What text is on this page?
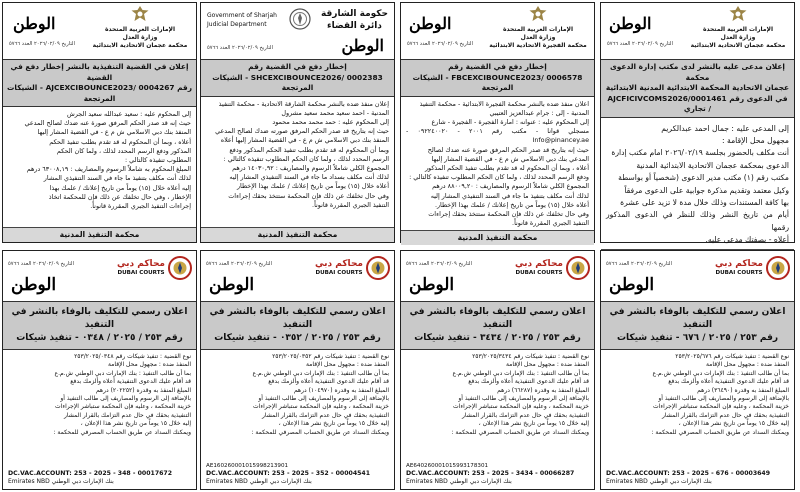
الوطن
التاريخ ٢٠٢٦/٠٢/٠٩ العدد ٥٧٦٦
الإمارات العربية المتحدة
وزارة العدل
محكمة عجمان الاتحادية الابتدائية
إعلان في القضية التنفيذية بالنشر إخطار دفع في القضية
رقم AJCEXCIBOUNCE2023/ 0004267 - الشيكات المرتجعة
إلى المحكوم عليه : سعيد عبدالله سعيد الجرش
حيث إنه قد صدر الحكم المرفق صورة عنه ضدك لصالح المدعي
المنفذ بنك دبي الاسلامي ش م ع - في القضية المشار إليها
أعلاه ، وبما أن المحكوم له قد تقدم بطلب تنفيذ الحكم
المذكور ودفع الرسم المحدد لذلك ، ولما كان الحكم
المطلوب تنفيذه كالتالي :
المبلغ المحكوم به شاملاً الرسوم والمصاريف : ٦٣٠٠٨,١٩ درهم
لذلك أنت مكلف بتنفيذ ما جاء في السند التنفيذي المشار
إليه أعلاه خلال (١٥) يوماً من تاريخ إعلانك / علمك بهذا
الإخطار ، وفي حال تخلفك عن ذلك فإن للمحكمة اتخاذ
إجراءات التنفيذ الجبري المقررة قانوناً.
محكمة التنفيذ المدنية
Government of Sharjah
Judicial Department
حكومة الشارقة
دائرة القضاء
الوطن
التاريخ ٢٠٢٦/٠٢/٠٩ العدد ٥٧٦٦
إخطار دفع في القضية رقم
SHCEXCIBOUNCE2026/ 0002383 - الشيكات المرتجعة
إعلان منفذ ضده بالنشر محكمة الشارقة الاتحادية - محكمة التنفيذ
المدنية - احمد سعيد محمد سعيد مشرول
إلى المحكوم عليه : حمد محمد محمد محمود
حيث إنه بتاريخ قد صدر الحكم المرفق صورته ضدك لصالح المدعي
المنفذ بنك دبي الاسلامي ش م ع - في القضية المشار إليها أعلاه
وبما أن المحكوم له قد تقدم بطلب تنفيذ الحكم المذكور ودفع
الرسم المحدد لذلك ، ولما كان الحكم المطلوب تنفيذه كالتالي :
المجموع الكلي شاملاً الرسوم والمصاريف : ١٤٠٣٠,٩٢ درهم
لذلك أنت مكلف بسداد ما جاء في السند التنفيذي المشار إليه
أعلاه خلال (١٥) يوماً من تاريخ إعلانك / علمك بهذا الإخطار
وفي حال تخلفك عن ذلك فإن المحكمة ستتخذ بحقك إجراءات
التنفيذ الجبري المقررة قانوناً.
محكمة التنفيذ المدنية
الوطن
التاريخ ٢٠٢٦/٠٢/٠٩ العدد ٥٧٦٦
الإمارات العربية المتحدة
وزارة العدل
محكمة الفجيرة الاتحادية الابتدائية
إخطار دفع في القضية رقم
FBCEXCIBOUNCE2023/ 0006578 - الشيكات المرتجعة
اعلان منفذ ضده بالنشر محكمة الفجيرة الابتدائية - محكمة التنفيذ
المدنية - إلى : جرام عبدالعزيز العتيبي
إلى المحكوم عليه : عنوانه : امارة الفجيرة - الفجيرة - شارع
مسجلي قوانا - مكتب رقم ٢٠٠١ - ٠٩٢٢٤٠٠٢٠ - Info@pinancey.ae
حيث إنه بتاريخ قد صدر الحكم المرفق صورة عنه ضدك لصالح
المدعي بنك دبي الاسلامي ش م ع - في القضية المشار إليها
أعلاه ، وبما أن المحكوم له قد تقدم بطلب تنفيذ الحكم المذكور
ودفع الرسم المحدد لذلك ، ولما كان الحكم المطلوب تنفيذه كالتالي :
المجموع الكلي شاملاً الرسوم والمصاريف : ٨٨٠٠٩,٢٠ درهم
لذلك أنت مكلف بتنفيذ ما جاء في السند التنفيذي المشار إليه
أعلاه خلال (١٥) يوماً من تاريخ إعلانك / علمك بهذا الإخطار.
وفي حال تخلفك عن ذلك فإن المحكمة ستتخذ بحقك إجراءات
التنفيذ الجبري المقررة قانوناً.
محكمة التنفيذ المدنية
الوطن
التاريخ ٢٠٢٦/٠٢/٠٩ العدد ٥٧٦٦
الإمارات العربية المتحدة
وزارة العدل
محكمة عجمان الاتحادية الابتدائية
إعلان مدعى عليه بالنشر لدى مكتب إدارة الدعوى محكمة
عجمان الاتحادية المحكمة الابتدائية المدنية الابتدائية
في الدعوى رقم AJCFICIVCOMS2026/0001461 / تجاري
إلى المدعى عليه : جمال احمد عبدالكريم
مجهول محل الإقامة :
أنت مكلف بالحضور بجلسة ٢٠٢٦/٠٢/١٩ امام مكتب إدارة
الدعوى بمحكمة عجمان الاتحادية الابتدائية المدنية
مكتب رقم (١) مكتب مدير الدعوى (شخصياً أو بواسطة
وكيل معتمد وتقديم مذكرة جوابية على الدعوى مرفقاً
بها كافة المستندات وذلك خلال مدة لا تزيد على عشرة
أيام من تاريخ النشر وذلك للنظر في الدعوى المذكور رقمها
أعلاه - بصفتك مدعى عليه.
محاكم دبي
DUBAI COURTS
التاريخ ٢٠٢٦/٠٢/٠٩ العدد ٥٧٦٦
الوطن
اعلان رسمي للتكليف بالوفاء بالنشر في التنفيذ
رقم ٢٥٣ / ٢٠٢٥ / ٠٣٤٨ - تنفيذ شيكات
نوع القضية : تنفيذ شيكات رقم ٢٥٣/٢٠٢٥/٠٣٤٨
المنفذ ضده : مجهول محل الإقامة
بما أن طالب التنفيذ : بنك الإمارات دبي الوطني ش.م.ع
قد أقام عليك الدعوى التنفيذية أعلاه وألزمك بدفع
المبلغ المنفذ به وقدره (٢٠٢٢٥٢) درهم
بالإضافة إلى الرسوم والمصاريف إلى طالب التنفيذ أو
خزينة المحكمة ، وعليه فإن المحكمة ستباشر الإجراءات
التنفيذية بحقك في حال عدم التزامك بالقرار المشار
إليه خلال ١٥ يوماً من تاريخ نشر هذا الإعلان ،
ويمكنك السداد عن طريق الحساب المصرفي للمحكمة :
DC.VAC.ACCOUNT: 253 - 2025 - 348 - 00017672
Emirates NBD بنك الإمارات دبي الوطني
محاكم دبي
DUBAI COURTS
التاريخ ٢٠٢٦/٠٢/٠٩ العدد ٥٧٦٦
الوطن
اعلان رسمي للتكليف بالوفاء بالنشر في التنفيذ
رقم ٢٥٣ / ٢٠٢٥ / ٠٣٥٢ - تنفيذ شيكات
نوع القضية : تنفيذ شيكات رقم ٢٥٣/٢٠٢٥/٠٣٥٢
المنفذ ضده : مجهول محل الإقامة
بما أن طالب التنفيذ : بنك الإمارات دبي الوطني ش.م.ع
قد أقام عليك الدعوى التنفيذية أعلاه وألزمك بدفع
المبلغ المنفذ به وقدره (١٠٤٩٧٠) درهم
بالإضافة إلى الرسوم والمصاريف إلى طالب التنفيذ أو
خزينة المحكمة ، وعليه فإن المحكمة ستباشر الإجراءات
التنفيذية بحقك في حال عدم التزامك بالقرار المشار
إليه خلال ١٥ يوماً من تاريخ نشر هذا الإعلان ،
ويمكنك السداد عن طريق الحساب المصرفي للمحكمة :
AE160260001015998213901
DC.VAC.ACCOUNT: 253 - 2025 - 352 - 00004541
Emirates NBD بنك الإمارات دبي الوطني
محاكم دبي
DUBAI COURTS
التاريخ ٢٠٢٦/٠٢/٠٩ العدد ٥٧٦٦
الوطن
اعلان رسمي للتكليف بالوفاء بالنشر في التنفيذ
رقم ٢٥٣ / ٢٠٢٥ / ٣٤٣٤ - تنفيذ شيكات
نوع القضية : تنفيذ شيكات رقم ٢٥٣/٢٠٢٥/٣٤٣٤
المنفذ ضده : مجهول محل الإقامة
بما أن طالب التنفيذ : بنك الإمارات دبي الوطني ش.م.ع
قد أقام عليك الدعوى التنفيذية أعلاه وألزمك بدفع
المبلغ المنفذ به وقدره (٦٦٢٨٧) درهم
بالإضافة إلى الرسوم والمصاريف إلى طالب التنفيذ أو
خزينة المحكمة ، وعليه فإن المحكمة ستباشر الإجراءات
التنفيذية بحقك في حال عدم التزامك بالقرار المشار
إليه خلال ١٥ يوماً من تاريخ نشر هذا الإعلان ،
ويمكنك السداد عن طريق الحساب المصرفي للمحكمة :
AE640260001015993178301
DC.VAC.ACCOUNT: 253 - 2025 - 3434 - 00066287
Emirates NBD بنك الإمارات دبي الوطني
محاكم دبي
DUBAI COURTS
التاريخ ٢٠٢٦/٠٢/٠٩ العدد ٥٧٦٦
الوطن
اعلان رسمي للتكليف بالوفاء بالنشر في التنفيذ
رقم ٢٥٣ / ٢٠٢٥ / ٦٧٦ - تنفيذ شيكات
نوع القضية : تنفيذ شيكات رقم ٢٥٣/٢٠٢٥/٦٧٦
المنفذ ضده : مجهول محل الإقامة
بما أن طالب التنفيذ : بنك الإمارات دبي الوطني ش.م.ع
قد أقام عليك الدعوى التنفيذية أعلاه وألزمك بدفع
المبلغ المنفذ به وقدره (٣٦٤٩٠) درهم
بالإضافة إلى الرسوم والمصاريف إلى طالب التنفيذ أو
خزينة المحكمة ، وعليه فإن المحكمة ستباشر الإجراءات
التنفيذية بحقك في حال عدم التزامك بالقرار المشار
إليه خلال ١٥ يوماً من تاريخ نشر هذا الإعلان ،
ويمكنك السداد عن طريق الحساب المصرفي للمحكمة :
DC.VAC.ACCOUNT: 253 - 2025 - 676 - 00003649
Emirates NBD بنك الإمارات دبي الوطني
